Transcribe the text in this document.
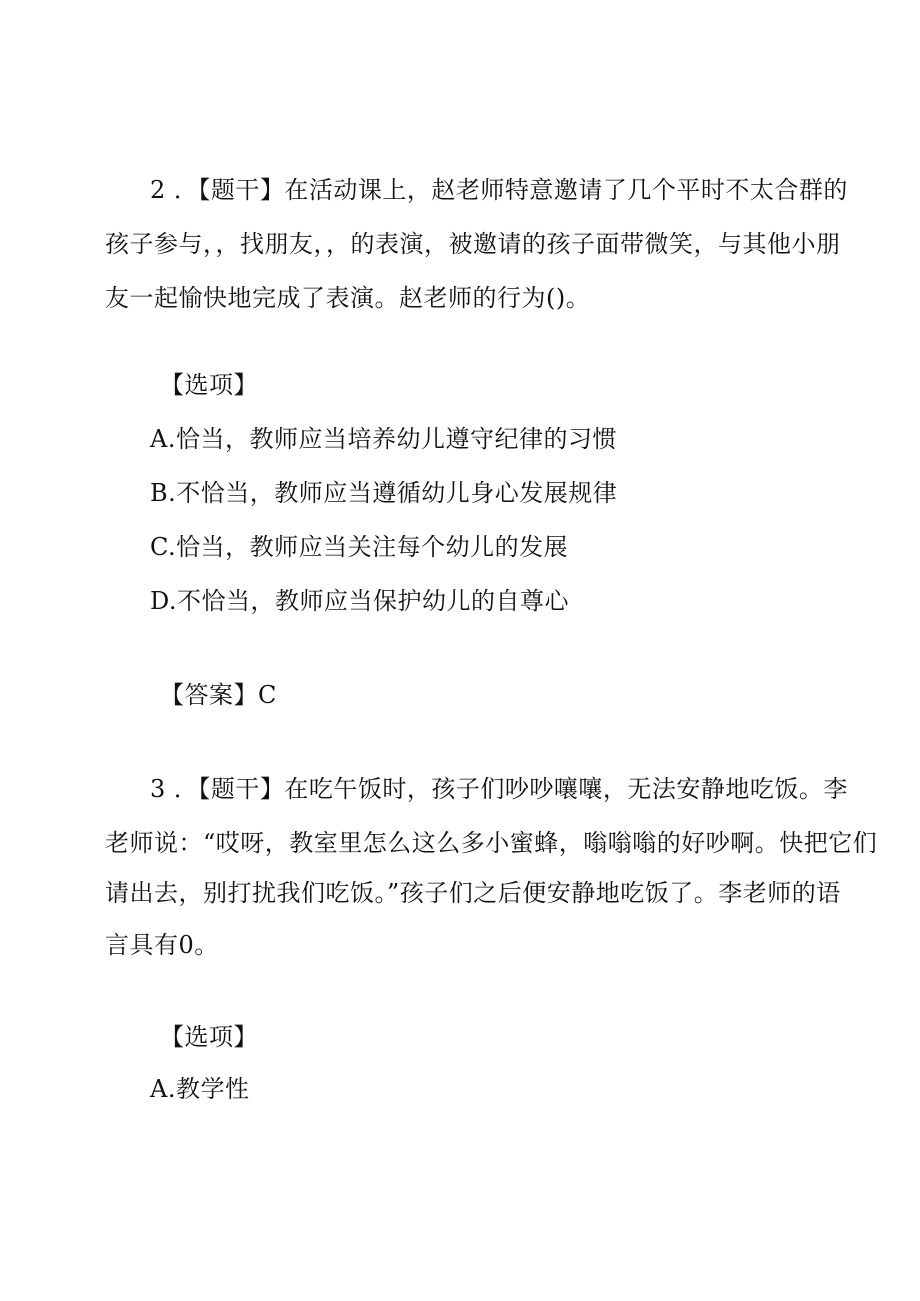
2 ．【题干】在活动课上，赵老师特意邀请了几个平时不太合群的
孩子参与，，找朋友，，的表演，被邀请的孩子面带微笑，与其他小朋
友一起愉快地完成了表演。赵老师的行为()。
【选项】
A.恰当，教师应当培养幼儿遵守纪律的习惯
B.不恰当，教师应当遵循幼儿身心发展规律
C.恰当，教师应当关注每个幼儿的发展
D.不恰当，教师应当保护幼儿的自尊心
【答案】C
3 ．【题干】在吃午饭时，孩子们吵吵嚷嚷，无法安静地吃饭。李
老师说：“哎呀，教室里怎么这么多小蜜蜂，嗡嗡嗡的好吵啊。快把它们
请出去，别打扰我们吃饭。”孩子们之后便安静地吃饭了。李老师的语
言具有0。
【选项】
A.教学性
